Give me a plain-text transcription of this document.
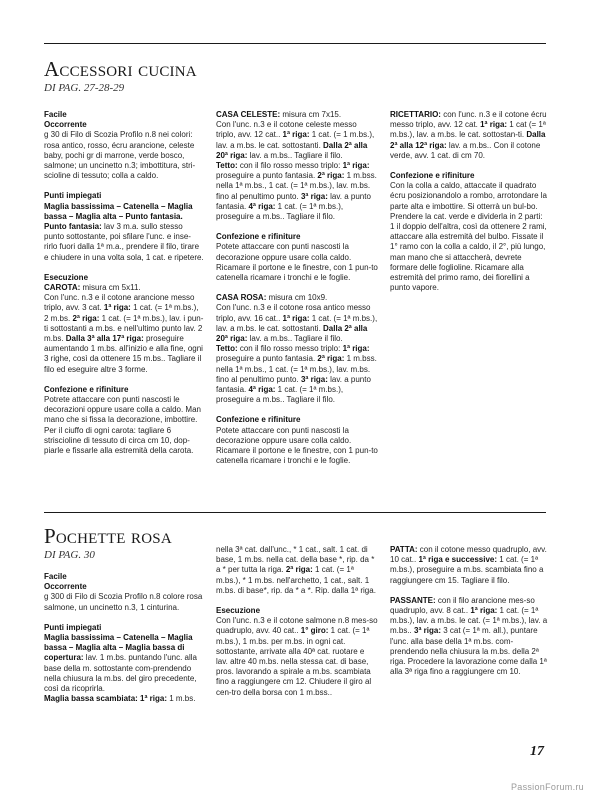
Accessori cucina
DI PAG. 27-28-29

Facile

Occorrente

g 30 di Filo di Scozia Profilo n.8 nei colori: rosa antico, rosso, écru arancione, celeste baby, pochi gr di marrone, verde bosco, salmone; un uncinetto n.3; imbottitura, stri-scioline di tessuto; colla a caldo.

Punti impiegati

Maglia bassissima – Catenella – Maglia bassa – Maglia alta – Punto fantasia.

Punto fantasia: lav 3 m.a. sullo stesso punto sottostante, poi sfilare l'unc. e inse-rirlo fuori dalla 1ª m.a., prendere il filo, tirare e chiudere in una volta sola, 1 cat. e ripetere.

Esecuzione

CAROTA: misura cm 5x11.

Con l'unc. n.3 e il cotone arancione messo triplo, avv. 3 cat. 1ª riga: 1 cat. (= 1ª m.bs.), 2 m.bs. 2ª riga: 1 cat. (= 1ª m.bs.), lav. i pun-ti sottostanti a m.bs. e nell'ultimo punto lav. 2 m.bs. Dalla 3ª alla 17ª riga: proseguire aumentando 1 m.bs. all'inizio e alla fine, ogni 3 righe, così da ottenere 15 m.bs.. Tagliare il filo ed eseguire altre 3 forme.

Confezione e rifiniture

Potrete attaccare con punti nascosti le decorazioni oppure usare colla a caldo. Man mano che si fissa la decorazione, imbottire. Per il ciuffo di ogni carota: tagliare 6 striscioline di tessuto di circa cm 10, dop-piarle e fissarle alla estremità della carota.

CASA CELESTE: misura cm 7x15.

Con l'unc. n.3 e il cotone celeste messo triplo, avv. 12 cat.. 1ª riga: 1 cat. (= 1 m.bs.), lav. a m.bs. le cat. sottostanti. Dalla 2ª alla 20ª riga: lav. a m.bs.. Tagliare il filo.

Tetto: con il filo rosso messo triplo: 1ª riga: proseguire a punto fantasia. 2ª riga: 1 m.bss. nella 1ª m.bs., 1 cat. (= 1ª m.bs.), lav. m.bs. fino al penultimo punto. 3ª riga: lav. a punto fantasia. 4ª riga: 1 cat. (= 1ª m.bs.), proseguire a m.bs.. Tagliare il filo.

Confezione e rifiniture

Potete attaccare con punti nascosti la decorazione oppure usare colla caldo. Ricamare il portone e le finestre, con 1 pun-to catenella ricamare i tronchi e le foglie.

CASA ROSA: misura cm 10x9.

Con l'unc. n.3 e il cotone rosa antico messo triplo, avv. 16 cat.. 1ª riga: 1 cat. (= 1ª m.bs.), lav. a m.bs. le cat. sottostanti. Dalla 2ª alla 20ª riga: lav. a m.bs.. Tagliare il filo.

Tetto: con il filo rosso messo triplo: 1ª riga: proseguire a punto fantasia. 2ª riga: 1 m.bss. nella 1ª m.bs., 1 cat. (= 1ª m.bs.), lav. m.bs. fino al penultimo punto. 3ª riga: lav. a punto fantasia. 4ª riga: 1 cat. (= 1ª m.bs.), proseguire a m.bs.. Tagliare il filo.

Confezione e rifiniture

Potete attaccare con punti nascosti la decorazione oppure usare colla caldo. Ricamare il portone e le finestre, con 1 pun-to catenella ricamare i tronchi e le foglie.

RICETTARIO: con l'unc. n.3 e il cotone écru messo triplo, avv. 12 cat. 1ª riga: 1 cat (= 1ª m.bs.), lav. a m.bs. le cat. sottostan-ti. Dalla 2ª alla 12ª riga: lav. a m.bs.. Con il cotone verde, avv. 1 cat. di cm 70.

Confezione e rifiniture

Con la colla a caldo, attaccate il quadrato écru posizionandolo a rombo, arrotondare la parte alta e imbottire. Si otterrà un bul-bo. Prendere la cat. verde e dividerla in 2 parti: 1 il doppio dell'altra, così da ottenere 2 rami, attaccare alla estremità del bulbo. Fissate il 1° ramo con la colla a caldo, il 2°, più lungo, man mano che si attaccherà, devrete formare delle foglioline. Ricamare alla estremità del primo ramo, dei fiorellini a punto vapore.

Pochette rosa
DI PAG. 30

Facile

Occorrente

g 300 di Filo di Scozia Profilo n.8 colore rosa salmone, un uncinetto n.3, 1 cinturina.

Punti impiegati

Maglia bassissima – Catenella – Maglia bassa – Maglia alta – Maglia bassa di copertura: lav. 1 m.bs. puntando l'unc. alla base della m. sottostante com-prendendo nella chiusura la m.bs. del giro precedente, così da ricoprirla.

Maglia bassa scambiata: 1ª riga: 1 m.bs.

nella 3ª cat. dall'unc., * 1 cat., salt. 1 cat. di base, 1 m.bs. nella cat. della base *, rip. da * a * per tutta la riga. 2ª riga: 1 cat. (= 1ª m.bs.), * 1 m.bs. nell'archetto, 1 cat., salt. 1 m.bs. di base*, rip. da * a *. Rip. dalla 1ª riga.

Esecuzione

Con l'unc. n.3 e il cotone salmone n.8 mes-so quadruplo, avv. 40 cat.. 1° giro: 1 cat. (= 1ª m.bs.), 1 m.bs. per m.bs. in ogni cat. sottostante, arrivate alla 40ª cat. ruotare e lav. altre 40 m.bs. nella stessa cat. di base, pros. lavorando a spirale a m.bs. scambiata fino a raggiungere cm 12. Chiudere il giro al cen-tro della borsa con 1 m.bss..

PATTA: con il cotone messo quadruplo, avv. 10 cat.. 1ª riga e successive: 1 cat. (= 1ª m.bs.), proseguire a m.bs. scambiata fino a raggiungere cm 15. Tagliare il filo.

PASSANTE: con il filo arancione mes-so quadruplo, avv. 8 cat.. 1ª riga: 1 cat. (= 1ª m.bs.), lav. a m.bs. le cat. (= 1ª m.bs.), lav. a m.bs.. 3ª riga: 3 cat (= 1ª m. all.), puntare l'unc. alla base della 1ª m.bs. com-prendendo nella chiusura la m.bs. della 2ª riga. Procedere la lavorazione come dalla 1ª alla 3ª riga fino a raggiungere cm 10.

17
PassionForum.ru
